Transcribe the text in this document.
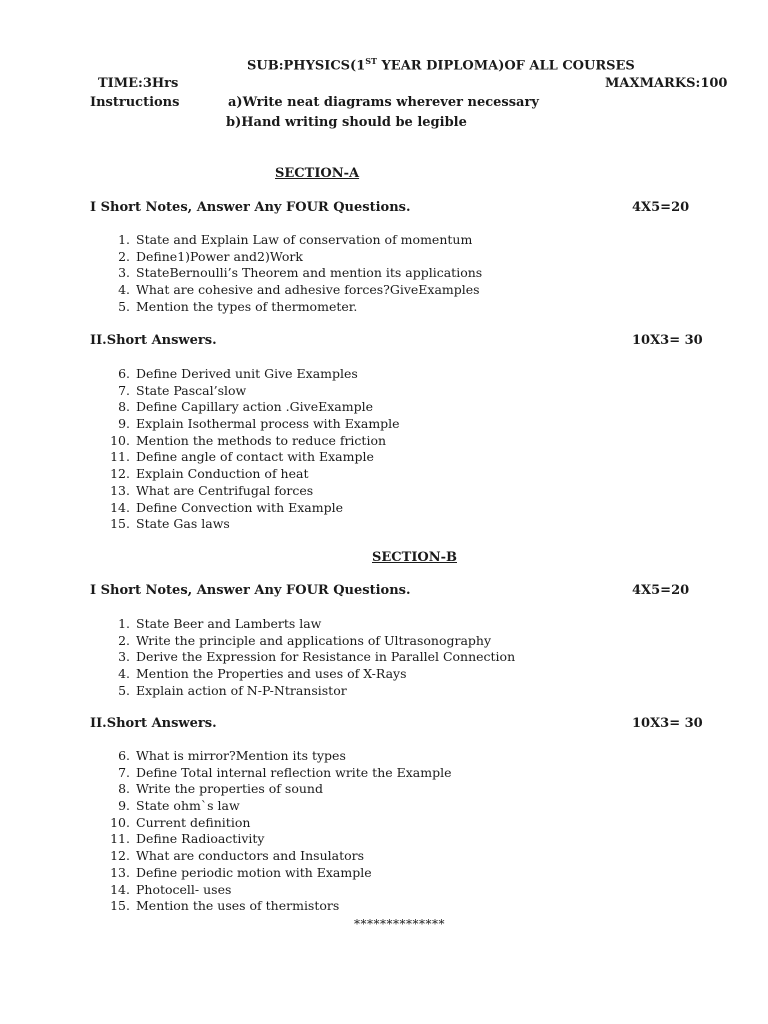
SUB:PHYSICS(1ST YEAR DIPLOMA)OF ALL COURSES
TIME:3Hrs	MAXMARKS:100
Instructions	a)Write neat diagrams wherever necessary
b)Hand writing should be legible
SECTION-A
I Short Notes, Answer Any FOUR Questions.	4X5=20
1. State and Explain Law of conservation of momentum
2. Define1)Power and2)Work
3. StateBernoulli’s Theorem and mention its applications
4. What are cohesive and adhesive forces?GiveExamples
5. Mention the types of thermometer.
II.Short Answers.	10X3= 30
6. Define Derived unit Give Examples
7. State Pascal’slow
8. Define Capillary action .GiveExample
9. Explain Isothermal process with Example
10. Mention the methods to reduce friction
11. Define angle of contact with Example
12. Explain Conduction of heat
13. What are Centrifugal forces
14. Define Convection with Example
15. State Gas laws
SECTION-B
I Short Notes, Answer Any FOUR Questions.	4X5=20
1. State Beer and Lamberts law
2. Write the principle and applications of Ultrasonography
3. Derive the Expression for Resistance in Parallel Connection
4. Mention the Properties and uses of X-Rays
5. Explain action of N-P-Ntransistor
II.Short Answers.	10X3= 30
6. What is mirror?Mention its types
7. Define Total internal reflection write the Example
8. Write the properties of sound
9. State ohm`s law
10. Current definition
11. Define Radioactivity
12. What are conductors and Insulators
13. Define periodic motion with Example
14. Photocell- uses
15. Mention the uses of thermistors
**************
